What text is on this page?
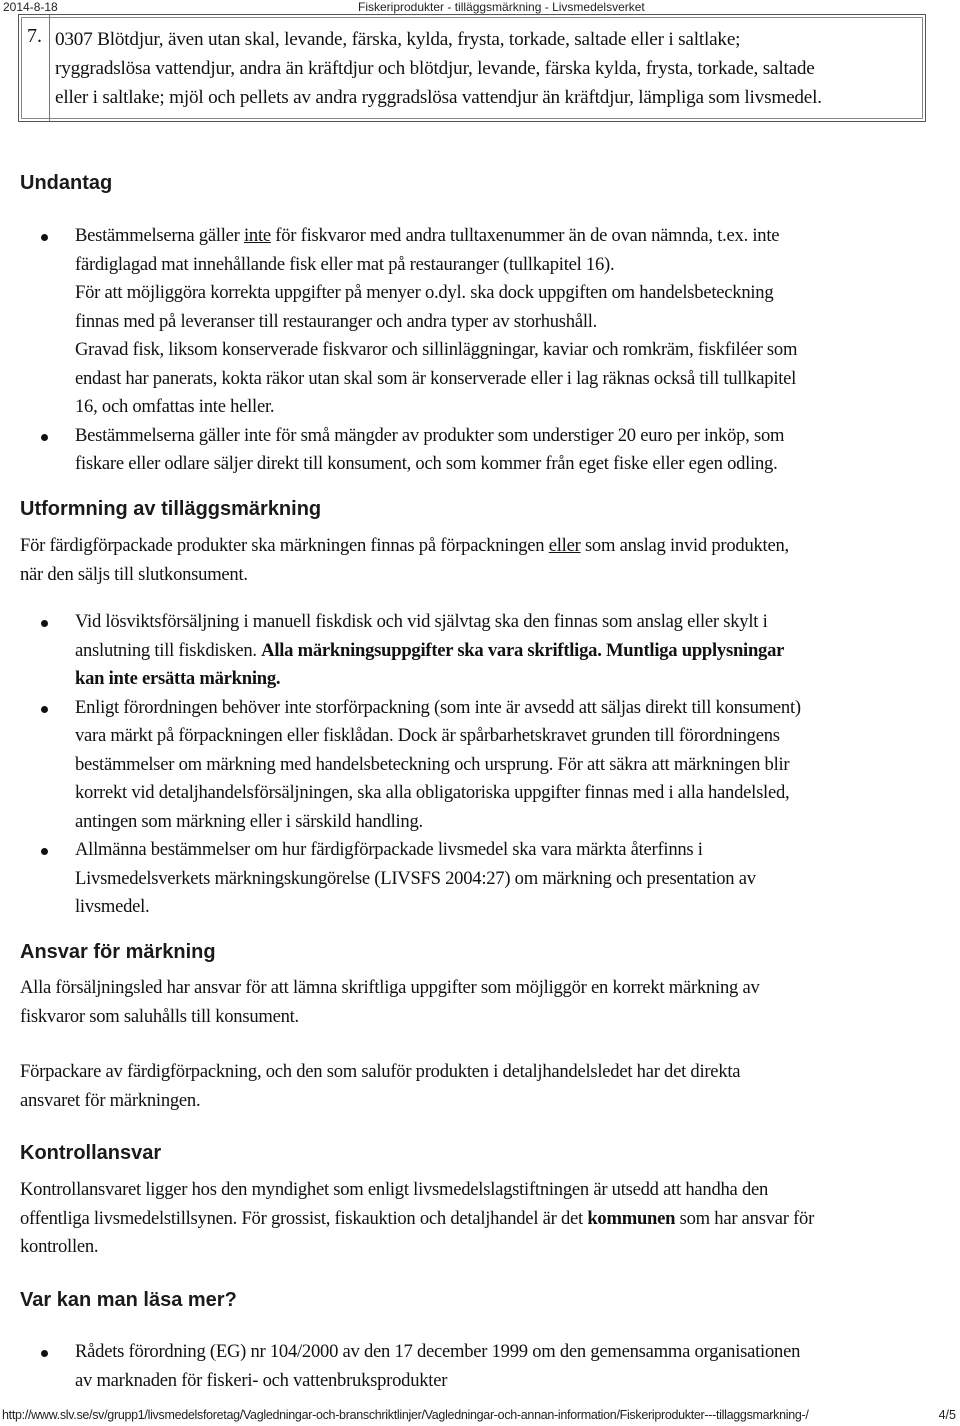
2014-8-18	Fiskeriprodukter - tilläggsmärkning - Livsmedelsverket
7. 0307 Blötdjur, även utan skal, levande, färska, kylda, frysta, torkade, saltade eller i saltlake;
ryggradslösa vattendjur, andra än kräftdjur och blötdjur, levande, färska kylda, frysta, torkade, saltade
eller i saltlake; mjöl och pellets av andra ryggradslösa vattendjur än kräftdjur, lämpliga som livsmedel.
Undantag
Bestämmelserna gäller inte för fiskvaror med andra tulltaxenummer än de ovan nämnda, t.ex. inte
färdiglagad mat innehållande fisk eller mat på restauranger (tullkapitel 16).
För att möjliggöra korrekta uppgifter på menyer o.dyl. ska dock uppgiften om handelsbeteckning
finnas med på leveranser till restauranger och andra typer av storhushåll.
Gravad fisk, liksom konserverade fiskvaror och sillinläggningar, kaviar och romkräm, fiskfiléer som
endast har panerats, kokta räkor utan skal som är konserverade eller i lag räknas också till tullkapitel
16, och omfattas inte heller.
Bestämmelserna gäller inte för små mängder av produkter som understiger 20 euro per inköp, som
fiskare eller odlare säljer direkt till konsument, och som kommer från eget fiske eller egen odling.
Utformning av tilläggsmärkning

För färdigförpackade produkter ska märkningen finnas på förpackningen eller som anslag invid produkten,
när den säljs till slutkonsument.

Vid lösviktsförsäljning i manuell fiskdisk och vid självtag ska den finnas som anslag eller skylt i
anslutning till fiskdisken. Alla märkningsuppgifter ska vara skriftliga. Muntliga upplysningar
kan inte ersätta märkning.
Enligt förordningen behöver inte storförpackning (som inte är avsedd att säljas direkt till konsument)
vara märkt på förpackningen eller fisklådan. Dock är spårbarhetskravet grunden till förordningens
bestämmelser om märkning med handelsbeteckning och ursprung. För att säkra att märkningen blir
korrekt vid detaljhandelsförsäljningen, ska alla obligatoriska uppgifter finnas med i alla handelsled,
antingen som märkning eller i särskild handling.
Allmänna bestämmelser om hur färdigförpackade livsmedel ska vara märkta återfinns i
Livsmedelsverkets märkningskungörelse (LIVSFS 2004:27) om märkning och presentation av
livsmedel.
Ansvar för märkning

Alla försäljningsled har ansvar för att lämna skriftliga uppgifter som möjliggör en korrekt märkning av
fiskvaror som saluhålls till konsument.

Förpackare av färdigförpackning, och den som saluför produkten i detaljhandelsledet har det direkta
ansvaret för märkningen.

Kontrollansvar

Kontrollansvaret ligger hos den myndighet som enligt livsmedelslagstiftningen är utsedd att handha den
offentliga livsmedelstillsynen. För grossist, fiskauktion och detaljhandel är det kommunen som har ansvar för
kontrollen.

Var kan man läsa mer?
Rådets förordning (EG) nr 104/2000 av den 17 december 1999 om den gemensamma organisationen
av marknaden för fiskeri- och vattenbruksprodukter
http://www.slv.se/sv/grupp1/livsmedelsforetag/Vagledningar-och-branschriktlinjer/Vagledningar-och-annan-information/Fiskeriprodukter---tillaggsmarkning-/	4/5
